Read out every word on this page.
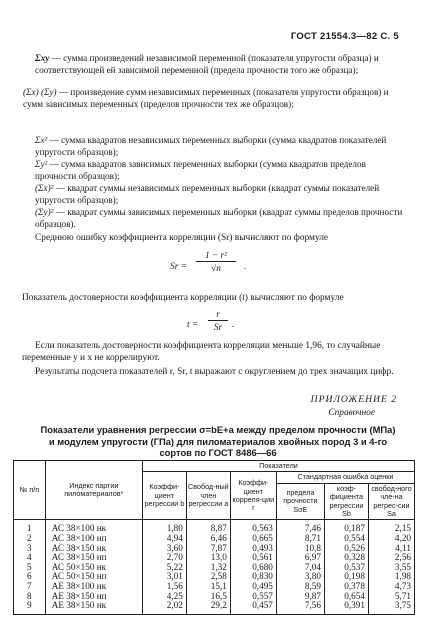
ГОСТ 21554.3—82 С. 5
Σxy — сумма произведений независимой переменной (показателя упругости образца) и соответствующей ей зависимой переменной (предела прочности того же образца);
(Σx) (Σy) — произведение сумм независимых переменных (показателя упругости образцов) и сумм зависимых переменных (пределов прочности тех же образцов);
Σx² — сумма квадратов независимых переменных выборки (сумма квадратов показателей упругости образцов);
Σy² — сумма квадратов зависимых переменных выборки (сумма квадратов пределов прочности образцов);
(Σx)² — квадрат суммы независимых переменных выборки (квадрат суммы показателей упругости образцов);
(Σy)² — квадрат суммы зависимых переменных выборки (квадрат суммы пределов прочности образцов).
Среднюю ошибку коэффициента корреляции (Sr) вычисляют по формуле
Sr =
1 − r²
√n	.
Показатель достоверности коэффициента корреляции (t) вычисляют по формуле
t =
r
Sr	.
Если показатель достоверности коэффициента корреляции меньше 1,96, то случайные переменные y и x не коррелируют.
Результаты подсчета показателей r, Sr, t выражают с округлением до трех значащих цифр.
ПРИЛОЖЕНИЕ 2
Справочное
Показатели уравнения регрессии σ=bE+a между пределом прочности (МПа) и модулем упругости (ГПа) для пиломатериалов хвойных пород 3 и 4-го сортов по ГОСТ 8486—66
№ п/п	Индекс партии пиломатериалов*	Показатели					
		Коэффи-циент регрессии b	Свобод-ный член регрессии a	Коэффи-циент корреля-ции r	Стандартная ошибка оценки		
					предела прочности SσE	коэф-фициента регрессии Sb	свобод-ного чле-на регрес-сии Sa
1	АС 38×100 нк	1,80	8,87	0,563	7,46	0,187	2,15
2	АС 38×100 нп	4,94	6,46	0,665	8,71	0,554	4,20
3	АС 38×150 нк	3,60	7,87	0,493	10,8	0,526	4,11
4	АС 38×150 нп	2,70	13,0	0,561	6,97	0,328	2,56
5	АС 50×150 нк	5,22	1,32	0,680	7,04	0,537	3,55
6	АС 50×150 нп	3,01	2,58	0,830	3,80	0,198	1,98
7	АЕ 38×100 нк	1,56	15,1	0,495	8,59	0,378	4,73
8	АЕ 38×150 нп	4,25	16,5	0,557	9,87	0,654	5,71
9	АЕ 38×150 нк	2,02	29,2	0,457	7,56	0,391	3,75
